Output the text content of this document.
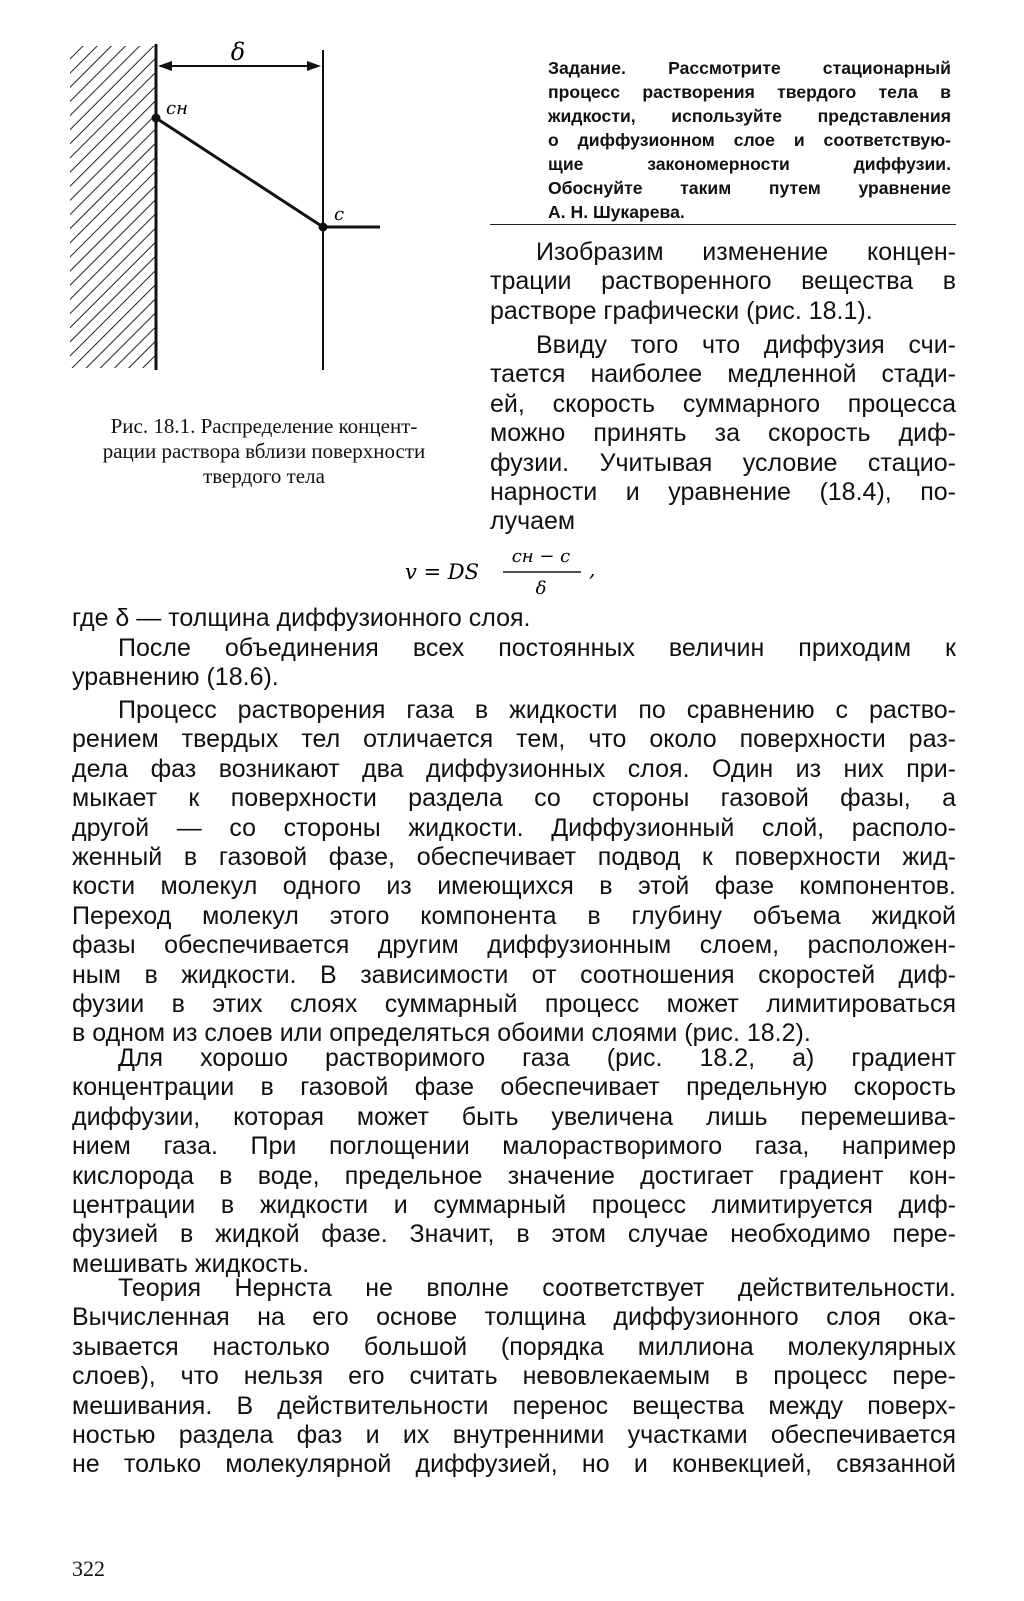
δ
cн
c
Рис. 18.1. Распределение концент-
рации раствора вблизи поверхности
твердого тела
Задание. Рассмотрите стационарный
процесс растворения твердого тела в
жидкости, используйте представления
о диффузионном слое и соответствую-
щие закономерности диффузии.
Обоснуйте таким путем уравнение
А. Н. Шукарева.
Изобразим изменение концен-
трации растворенного вещества в
растворе графически (рис. 18.1).
Ввиду того что диффузия счи-
тается наиболее медленной стади-
ей, скорость суммарного процесса
можно принять за скорость диф-
фузии. Учитывая условие стацио-
нарности и уравнение (18.4), по-
лучаем
v = DS
cн − c
δ
,
где δ — толщина диффузионного слоя.
После объединения всех постоянных величин приходим к
уравнению (18.6).
Процесс растворения газа в жидкости по сравнению с раство-
рением твердых тел отличается тем, что около поверхности раз-
дела фаз возникают два диффузионных слоя. Один из них при-
мыкает к поверхности раздела со стороны газовой фазы, а
другой — со стороны жидкости. Диффузионный слой, располо-
женный в газовой фазе, обеспечивает подвод к поверхности жид-
кости молекул одного из имеющихся в этой фазе компонентов.
Переход молекул этого компонента в глубину объема жидкой
фазы обеспечивается другим диффузионным слоем, расположен-
ным в жидкости. В зависимости от соотношения скоростей диф-
фузии в этих слоях суммарный процесс может лимитироваться
в одном из слоев или определяться обоими слоями (рис. 18.2).
Для хорошо растворимого газа (рис. 18.2, а) градиент
концентрации в газовой фазе обеспечивает предельную скорость
диффузии, которая может быть увеличена лишь перемешива-
нием газа. При поглощении малорастворимого газа, например
кислорода в воде, предельное значение достигает градиент кон-
центрации в жидкости и суммарный процесс лимитируется диф-
фузией в жидкой фазе. Значит, в этом случае необходимо пере-
мешивать жидкость.
Теория Нернста не вполне соответствует действительности.
Вычисленная на его основе толщина диффузионного слоя ока-
зывается настолько большой (порядка миллиона молекулярных
слоев), что нельзя его считать невовлекаемым в процесс пере-
мешивания. В действительности перенос вещества между поверх-
ностью раздела фаз и их внутренними участками обеспечивается
не только молекулярной диффузией, но и конвекцией, связанной
322
